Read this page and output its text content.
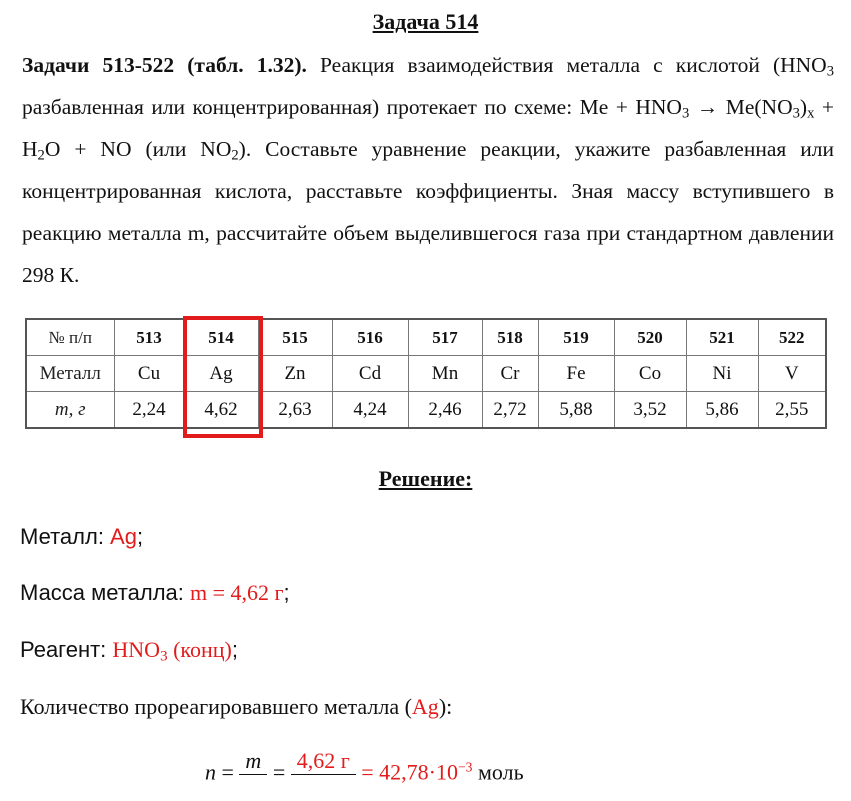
Задача 514
Задачи 513-522 (табл. 1.32). Реакция взаимодействия металла с кислотой ($HNO_3$ разбавленная или концентрированная) протекает по схеме: $Me + HNO_3 \to Me(NO_3)_x + H_2O$ + NO (или $NO_2$). Составьте уравнение реакции, укажите разбавленная или концентрированная кислота, расставьте коэффициенты. Зная массу вступившего в реакцию металла m, рассчитайте объем выделившегося газа при стандартном давлении 298 К.
№ п/п	513	514	515	516	517	518	519	520	521	522
Металл	Cu	Ag	Zn	Cd	Mn	Cr	Fe	Co	Ni	V
m, г	2,24	4,62	2,63	4,24	2,46	2,72	5,88	3,52	5,86	2,55
Решение:
Металл: Ag;
Масса металла: m = 4,62 г;
Реагент: $HNO_3$ (конц);
Количество прореагировавшего металла (Ag):
n = m
= 4,62 г
= $42,78\cdot 10^{-3}$ моль
